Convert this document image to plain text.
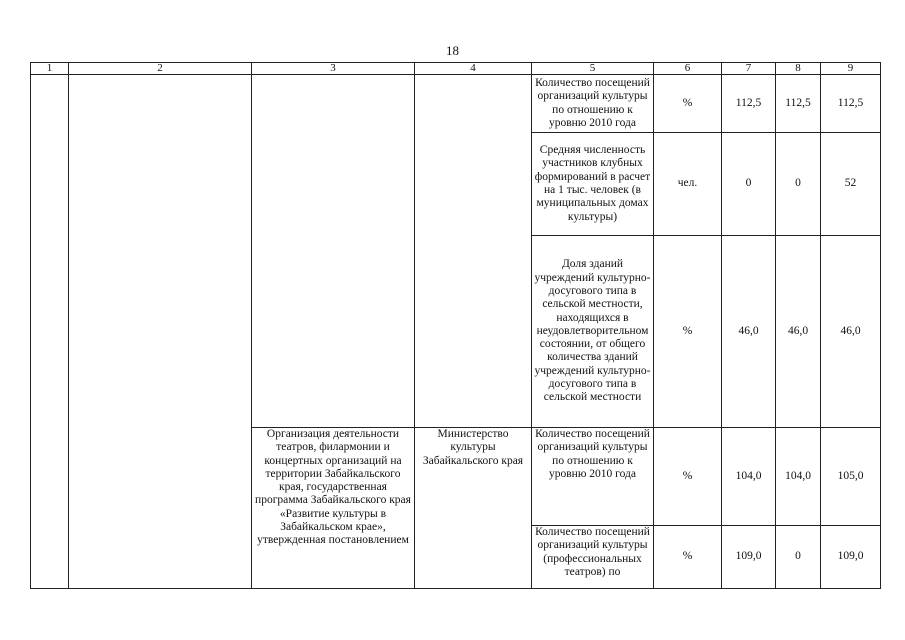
18
1	2	3	4	5	6	7	8	9
				Количество посещений организаций культуры по отношению к уровню 2010 года	%	112,5	112,5	112,5
				Средняя численность участников клубных формирований в расчет на 1 тыс. человек (в муниципальных домах культуры)	чел.	0	0	52
				Доля зданий учреждений культурно-досугового типа в сельской местности, находящихся в неудовлетворительном состоянии, от общего количества зданий учреждений культурно-досугового типа в сельской местности	%	46,0	46,0	46,0
		Организация деятельности театров, филармонии и концертных организаций на территории Забайкальского края, государственная программа Забайкальского края «Развитие культуры в Забайкальском крае», утвержденная постановлением	Министерство культуры Забайкальского края	Количество посещений организаций культуры по отношению к уровню 2010 года	%	104,0	104,0	105,0
				Количество посещений организаций культуры (профессиональных театров) по	%	109,0	0	109,0
